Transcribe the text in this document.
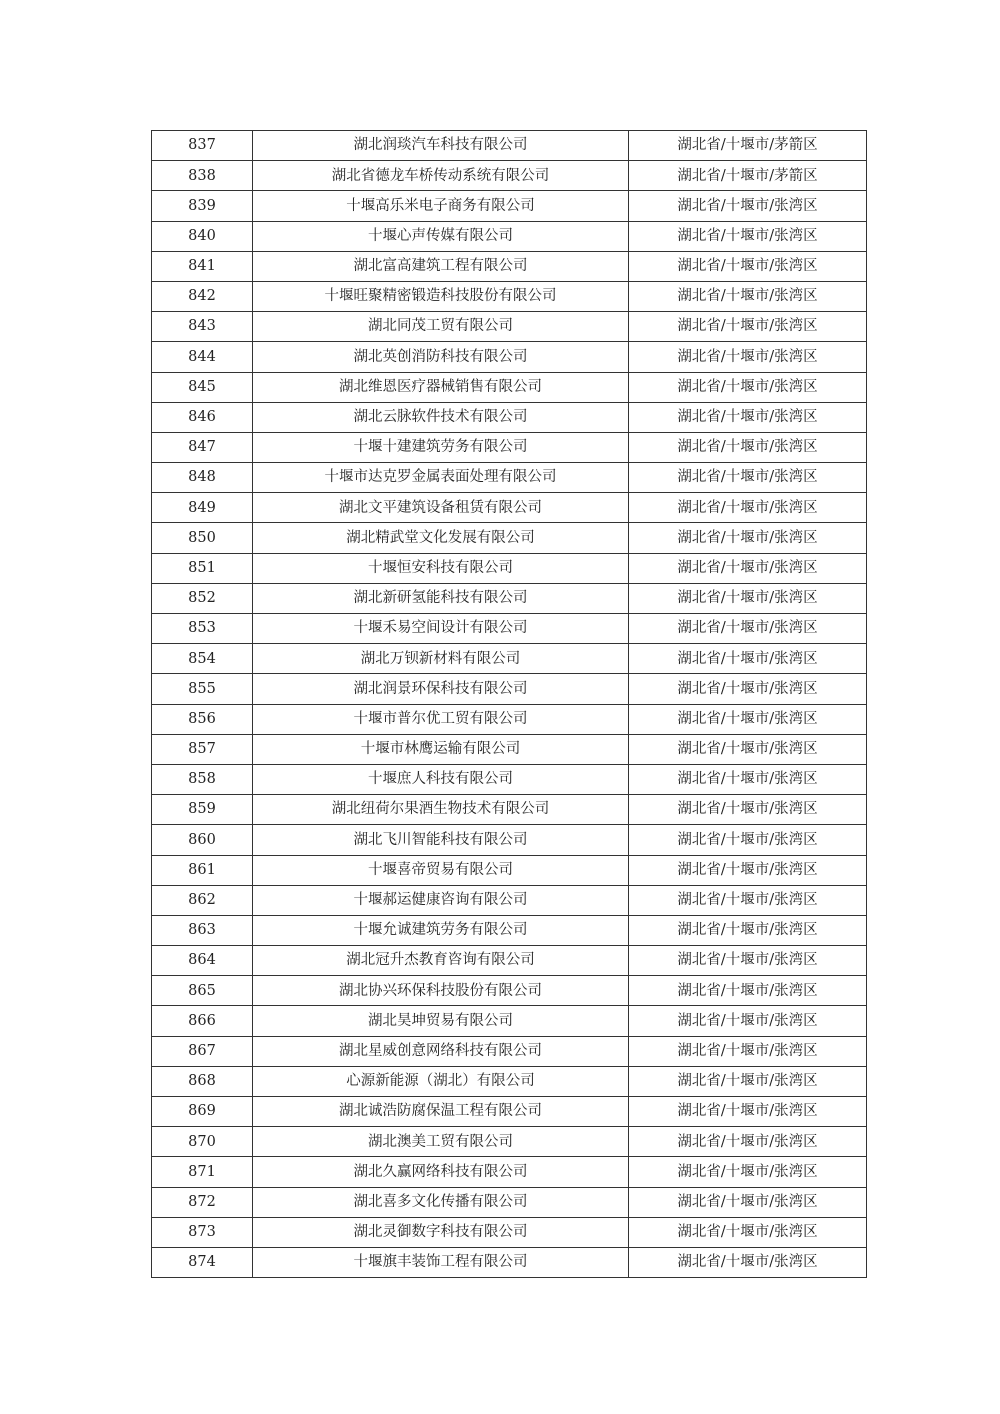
837	湖北润琰汽车科技有限公司	湖北省/十堰市/茅箭区
838	湖北省德龙车桥传动系统有限公司	湖北省/十堰市/茅箭区
839	十堰高乐米电子商务有限公司	湖北省/十堰市/张湾区
840	十堰心声传媒有限公司	湖北省/十堰市/张湾区
841	湖北富高建筑工程有限公司	湖北省/十堰市/张湾区
842	十堰旺聚精密锻造科技股份有限公司	湖北省/十堰市/张湾区
843	湖北同茂工贸有限公司	湖北省/十堰市/张湾区
844	湖北英创消防科技有限公司	湖北省/十堰市/张湾区
845	湖北维恩医疗器械销售有限公司	湖北省/十堰市/张湾区
846	湖北云脉软件技术有限公司	湖北省/十堰市/张湾区
847	十堰十建建筑劳务有限公司	湖北省/十堰市/张湾区
848	十堰市达克罗金属表面处理有限公司	湖北省/十堰市/张湾区
849	湖北文平建筑设备租赁有限公司	湖北省/十堰市/张湾区
850	湖北精武堂文化发展有限公司	湖北省/十堰市/张湾区
851	十堰恒安科技有限公司	湖北省/十堰市/张湾区
852	湖北新研氢能科技有限公司	湖北省/十堰市/张湾区
853	十堰禾易空间设计有限公司	湖北省/十堰市/张湾区
854	湖北万钡新材料有限公司	湖北省/十堰市/张湾区
855	湖北润景环保科技有限公司	湖北省/十堰市/张湾区
856	十堰市普尔优工贸有限公司	湖北省/十堰市/张湾区
857	十堰市林鹰运输有限公司	湖北省/十堰市/张湾区
858	十堰庶人科技有限公司	湖北省/十堰市/张湾区
859	湖北纽荷尔果酒生物技术有限公司	湖北省/十堰市/张湾区
860	湖北飞川智能科技有限公司	湖北省/十堰市/张湾区
861	十堰喜帝贸易有限公司	湖北省/十堰市/张湾区
862	十堰郝运健康咨询有限公司	湖北省/十堰市/张湾区
863	十堰允诚建筑劳务有限公司	湖北省/十堰市/张湾区
864	湖北冠升杰教育咨询有限公司	湖北省/十堰市/张湾区
865	湖北协兴环保科技股份有限公司	湖北省/十堰市/张湾区
866	湖北昊坤贸易有限公司	湖北省/十堰市/张湾区
867	湖北星威创意网络科技有限公司	湖北省/十堰市/张湾区
868	心源新能源（湖北）有限公司	湖北省/十堰市/张湾区
869	湖北诚浩防腐保温工程有限公司	湖北省/十堰市/张湾区
870	湖北澳美工贸有限公司	湖北省/十堰市/张湾区
871	湖北久赢网络科技有限公司	湖北省/十堰市/张湾区
872	湖北喜多文化传播有限公司	湖北省/十堰市/张湾区
873	湖北灵御数字科技有限公司	湖北省/十堰市/张湾区
874	十堰旗丰装饰工程有限公司	湖北省/十堰市/张湾区
